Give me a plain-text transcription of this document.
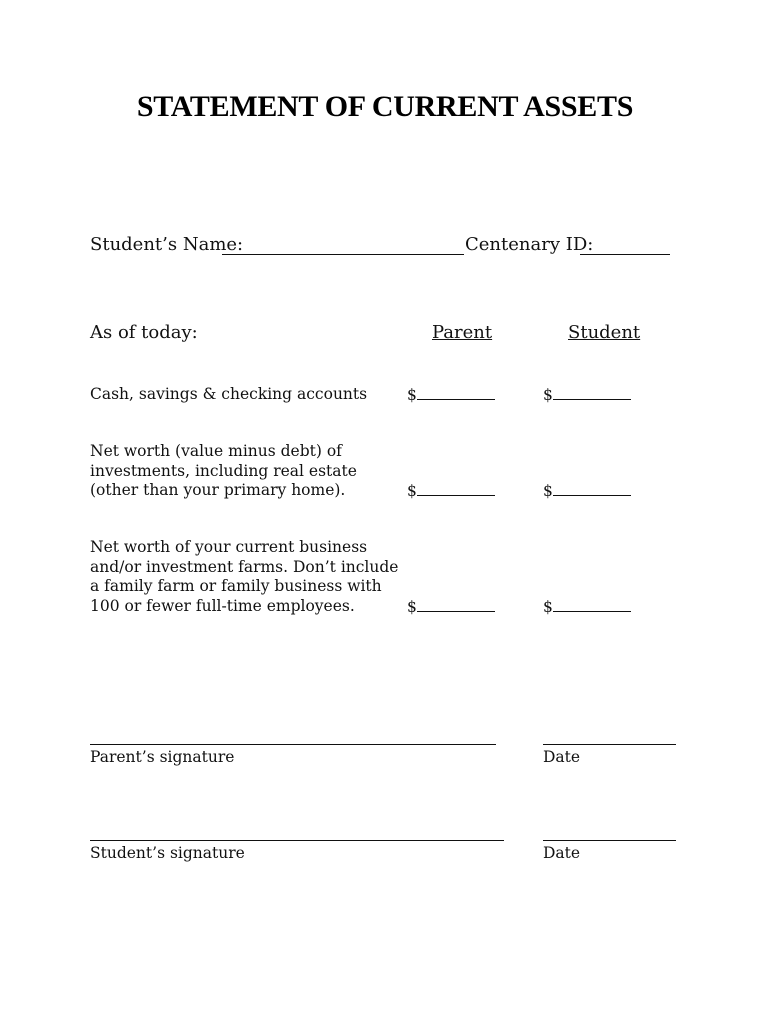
STATEMENT OF CURRENT ASSETS
Student’s Name:	Centenary ID:
As of today:	Parent	Student
Cash, savings & checking accounts	$	$
Net worth (value minus debt) of
investments, including real estate
(other than your primary home).	$	$
Net worth of your current business
and/or investment farms. Don’t include
a family farm or family business with
100 or fewer full-time employees.	$	$
Parent’s signature	Date
Student’s signature	Date
